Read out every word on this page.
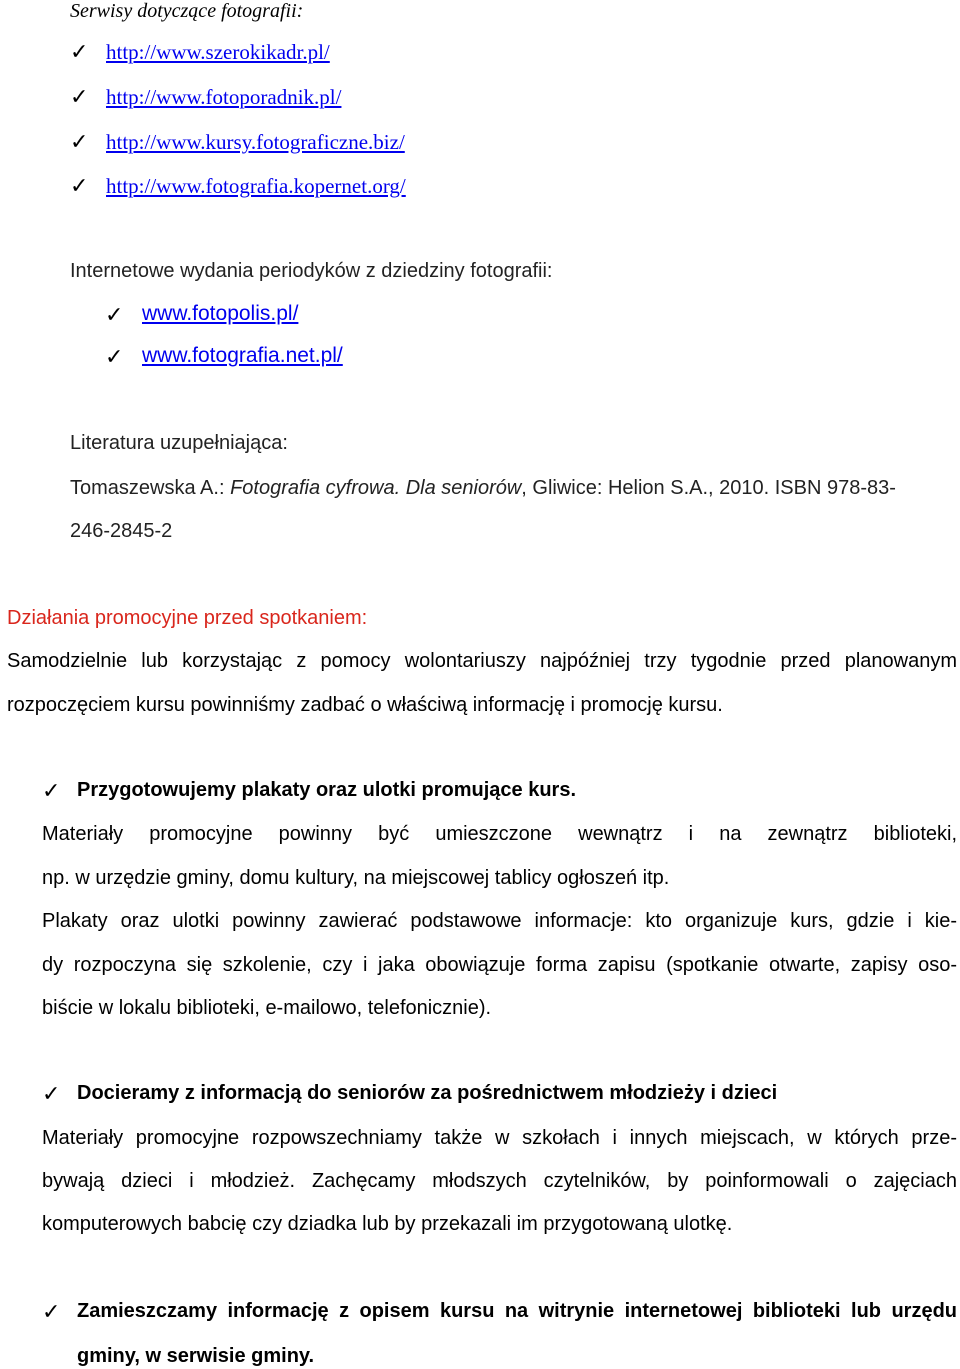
Serwisy dotyczące fotografii:
✓ http://www.szerokikadr.pl/
✓ http://www.fotoporadnik.pl/
✓ http://www.kursy.fotograficzne.biz/
✓ http://www.fotografia.kopernet.org/
Internetowe wydania periodyków z dziedziny fotografii:
✓ www.fotopolis.pl/
✓ www.fotografia.net.pl/
Literatura uzupełniająca:
Tomaszewska A.: Fotografia cyfrowa. Dla seniorów, Gliwice: Helion S.A., 2010. ISBN 978-83-
246-2845-2
Działania promocyjne przed spotkaniem:
Samodzielnie lub korzystając z pomocy wolontariuszy najpóźniej trzy tygodnie przed planowanym
rozpoczęciem kursu powinniśmy zadbać o właściwą informację i promocję kursu.
✓ Przygotowujemy plakaty oraz ulotki promujące kurs.
Materiały promocyjne powinny być umieszczone wewnątrz i na zewnątrz biblioteki,
np. w urzędzie gminy, domu kultury, na miejscowej tablicy ogłoszeń itp.
Plakaty oraz ulotki powinny zawierać podstawowe informacje: kto organizuje kurs, gdzie i kie-
dy rozpoczyna się szkolenie, czy i jaka obowiązuje forma zapisu (spotkanie otwarte, zapisy oso-
biście w lokalu biblioteki, e-mailowo, telefonicznie).
✓ Docieramy z informacją do seniorów za pośrednictwem młodzieży i dzieci
Materiały promocyjne rozpowszechniamy także w szkołach i innych miejscach, w których prze-
bywają dzieci i młodzież. Zachęcamy młodszych czytelników, by poinformowali o zajęciach
komputerowych babcię czy dziadka lub by przekazali im przygotowaną ulotkę.
✓ Zamieszczamy informację z opisem kursu na witrynie internetowej biblioteki lub urzędu
gminy, w serwisie gminy.
